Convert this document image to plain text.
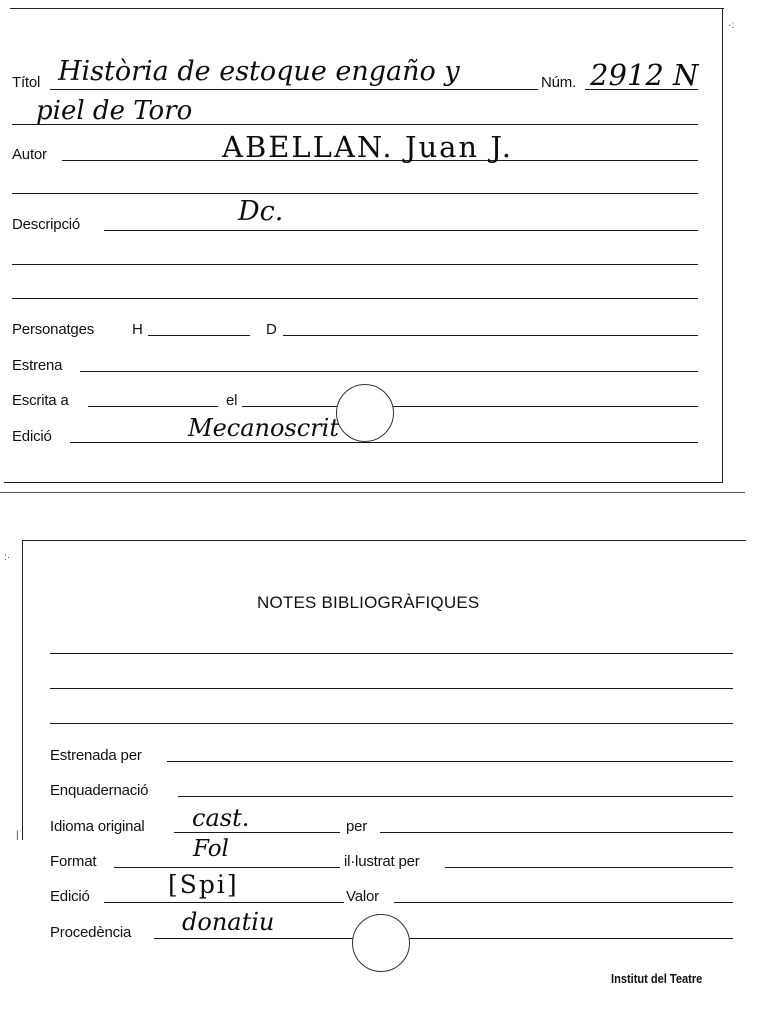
Títol Història de estoque engaño y	Núm. 2912 N
piel de Toro
Autor	ABELLAN. Juan J.
Descripció	Dc.
Personatges	H	D
Estrena
Escrita a	el
Edició	Mecanoscrit
·:
NOTES BIBLIOGRÀFIQUES
Estrenada per
Enquadernació
Idioma original cast.	per
Format	Fol	il·lustrat per
Edició	[Spi]	Valor
Procedència donatiu
Institut del Teatre
:·
|
